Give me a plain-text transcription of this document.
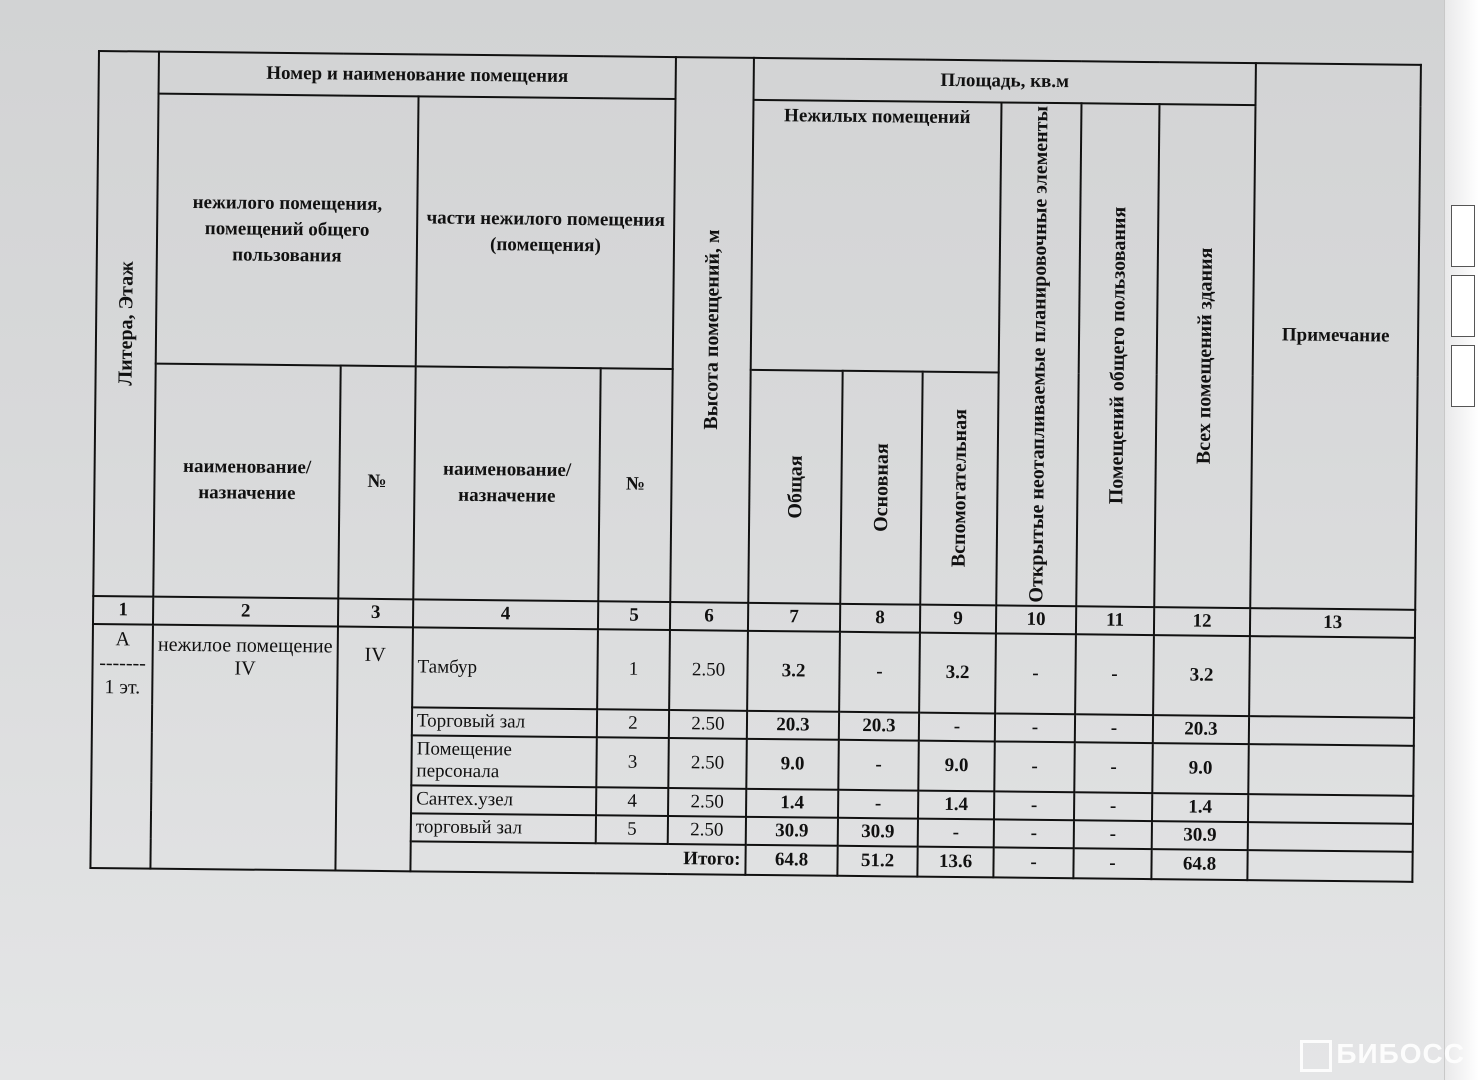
Литера, Этаж	Номер и наименование помещения				Высота помещений, м	Площадь, кв.м						Примечание
	нежилого помещения, помещений общего пользования		части нежилого помещения (помещения)			Нежилых помещений			Открытые неотапливаемые планировочные элементы	Помещений общего пользования	Всех помещений здания	

	наименование/ назначение	№	наименование/ назначение	№		Общая	Основная	Вспомогательная				

1	2	3	4	5	6	7	8	9	10	11	12	13

А
-------
1 эт.	нежилое помещение IV	IV	Тамбур	1	2.50	3.2	-	3.2	-	-	3.2	
			Торговый зал	2	2.50	20.3	20.3	-	-	-	20.3	
			Помещение персонала	3	2.50	9.0	-	9.0	-	-	9.0	
			Сантех.узел	4	2.50	1.4	-	1.4	-	-	1.4	
			торговый зал	5	2.50	30.9	30.9	-	-	-	30.9	
			Итого:			64.8	51.2	13.6	-	-	64.8	
БИБОСС
